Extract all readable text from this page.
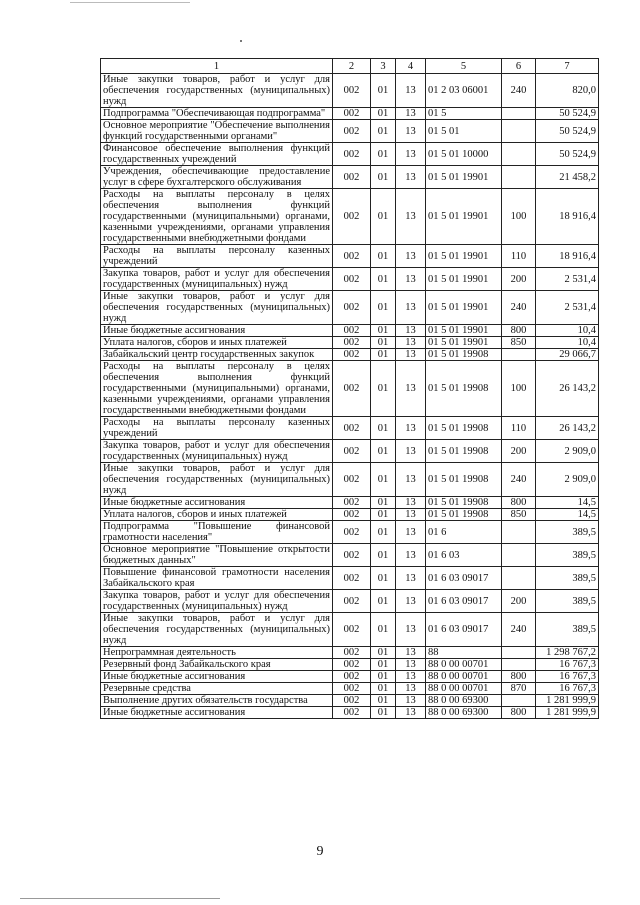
1	2	3	4	5	6	7
Иные закупки товаров, работ и услуг для обеспечения государственных (муниципальных) нужд	002	01	13	01 2 03 06001	240	820,0
Подпрограмма "Обеспечивающая подпрограмма"	002	01	13	01 5		50 524,9
Основное мероприятие "Обеспечение выполнения функций государственными органами"	002	01	13	01 5 01		50 524,9
Финансовое обеспечение выполнения функций государственных учреждений	002	01	13	01 5 01 10000		50 524,9
Учреждения, обеспечивающие предоставление услуг в сфере бухгалтерского обслуживания	002	01	13	01 5 01 19901		21 458,2
Расходы на выплаты персоналу в целях обеспечения выполнения функций государственными (муниципальными) органами, казенными учреждениями, органами управления государственными внебюджетными фондами	002	01	13	01 5 01 19901	100	18 916,4
Расходы на выплаты персоналу казенных учреждений	002	01	13	01 5 01 19901	110	18 916,4
Закупка товаров, работ и услуг для обеспечения государственных (муниципальных) нужд	002	01	13	01 5 01 19901	200	2 531,4
Иные закупки товаров, работ и услуг для обеспечения государственных (муниципальных) нужд	002	01	13	01 5 01 19901	240	2 531,4
Иные бюджетные ассигнования	002	01	13	01 5 01 19901	800	10,4
Уплата налогов, сборов и иных платежей	002	01	13	01 5 01 19901	850	10,4
Забайкальский центр государственных закупок	002	01	13	01 5 01 19908		29 066,7
Расходы на выплаты персоналу в целях обеспечения выполнения функций государственными (муниципальными) органами, казенными учреждениями, органами управления государственными внебюджетными фондами	002	01	13	01 5 01 19908	100	26 143,2
Расходы на выплаты персоналу казенных учреждений	002	01	13	01 5 01 19908	110	26 143,2
Закупка товаров, работ и услуг для обеспечения государственных (муниципальных) нужд	002	01	13	01 5 01 19908	200	2 909,0
Иные закупки товаров, работ и услуг для обеспечения государственных (муниципальных) нужд	002	01	13	01 5 01 19908	240	2 909,0
Иные бюджетные ассигнования	002	01	13	01 5 01 19908	800	14,5
Уплата налогов, сборов и иных платежей	002	01	13	01 5 01 19908	850	14,5
Подпрограмма "Повышение финансовой грамотности населения"	002	01	13	01 6		389,5
Основное мероприятие "Повышение открытости бюджетных данных"	002	01	13	01 6 03		389,5
Повышение финансовой грамотности населения Забайкальского края	002	01	13	01 6 03 09017		389,5
Закупка товаров, работ и услуг для обеспечения государственных (муниципальных) нужд	002	01	13	01 6 03 09017	200	389,5
Иные закупки товаров, работ и услуг для обеспечения государственных (муниципальных) нужд	002	01	13	01 6 03 09017	240	389,5
Непрограммная деятельность	002	01	13	88		1 298 767,2
Резервный фонд Забайкальского края	002	01	13	88 0 00 00701		16 767,3
Иные бюджетные ассигнования	002	01	13	88 0 00 00701	800	16 767,3
Резервные средства	002	01	13	88 0 00 00701	870	16 767,3
Выполнение других обязательств государства	002	01	13	88 0 00 69300		1 281 999,9
Иные бюджетные ассигнования	002	01	13	88 0 00 69300	800	1 281 999,9
9
